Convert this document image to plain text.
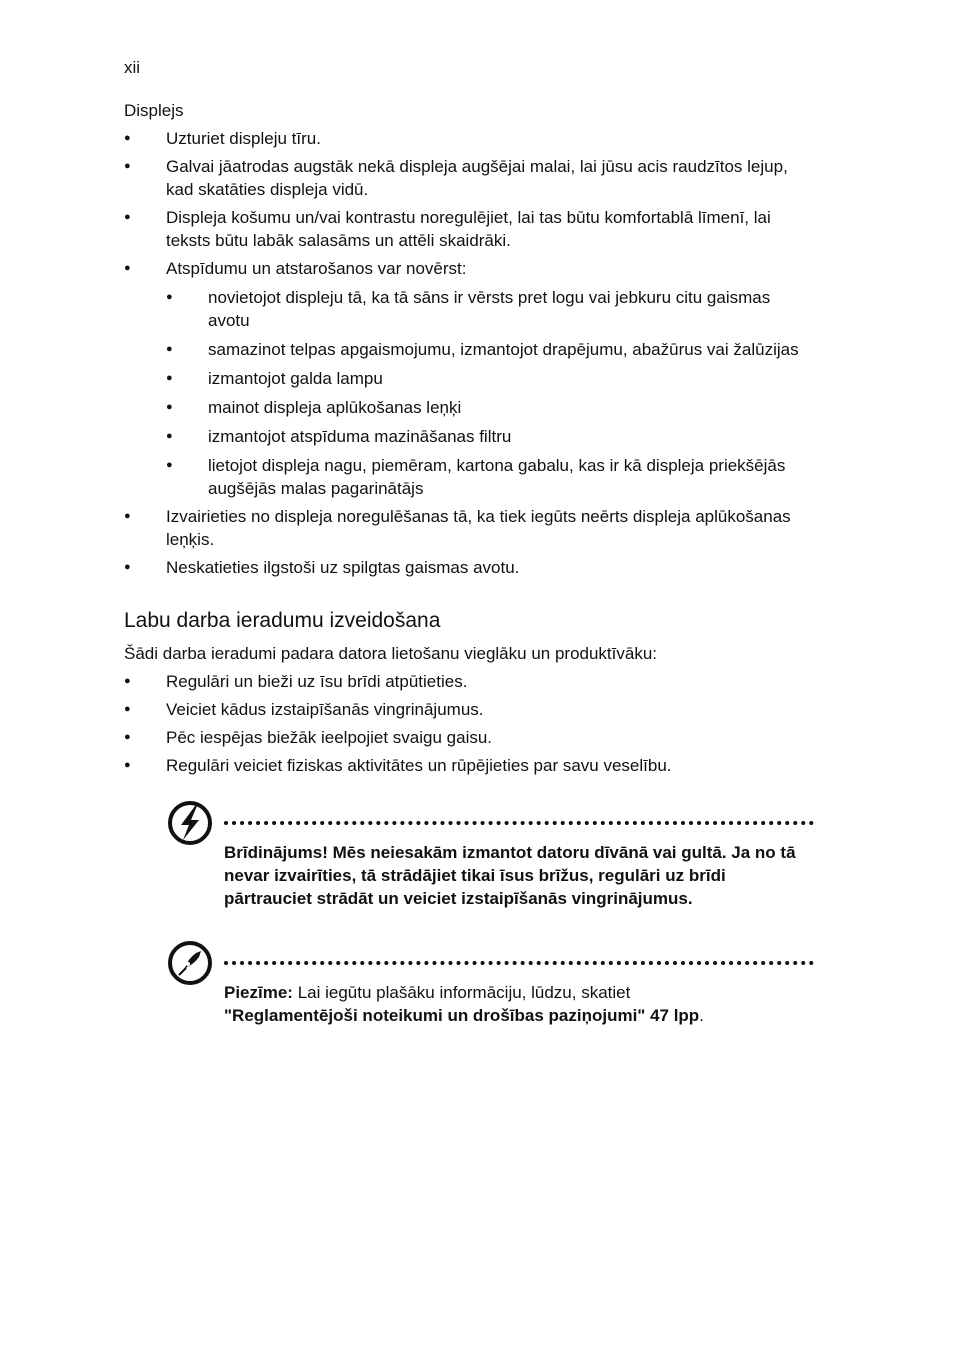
xii

Displejs

● Uzturiet displeju tīru.
● Galvai jāatrodas augstāk nekā displeja augšējai malai, lai jūsu acis raudzītos lejup, kad skatāties displeja vidū.
● Displeja košumu un/vai kontrastu noregulējiet, lai tas būtu komfortablā līmenī, lai teksts būtu labāk salasāms un attēli skaidrāki.
● Atspīdumu un atstarošanos var novērst:
● novietojot displeju tā, ka tā sāns ir vērsts pret logu vai jebkuru citu gaismas avotu
● samazinot telpas apgaismojumu, izmantojot drapējumu, abažūrus vai žalūzijas
● izmantojot galda lampu
● mainot displeja aplūkošanas leņķi
● izmantojot atspīduma mazināšanas filtru
● lietojot displeja nagu, piemēram, kartona gabalu, kas ir kā displeja priekšējās augšējās malas pagarinātājs
● Izvairieties no displeja noregulēšanas tā, ka tiek iegūts neērts displeja aplūkošanas leņķis.
● Neskatieties ilgstoši uz spilgtas gaismas avotu.
Labu darba ieradumu izveidošana

Šādi darba ieradumi padara datora lietošanu vieglāku un produktīvāku:

● Regulāri un bieži uz īsu brīdi atpūtieties.
● Veiciet kādus izstaipīšanās vingrinājumus.
● Pēc iespējas biežāk ieelpojiet svaigu gaisu.
● Regulāri veiciet fiziskas aktivitātes un rūpējieties par savu veselību.
Brīdinājums! Mēs neiesakām izmantot datoru dīvānā vai gultā. Ja no tā nevar izvairīties, tā strādājiet tikai īsus brīžus, regulāri uz brīdi pārtrauciet strādāt un veiciet izstaipīšanās vingrinājumus.
Piezīme: Lai iegūtu plašāku informāciju, lūdzu, skatiet
"Reglamentējoši noteikumi un drošības paziņojumi" 47 lpp.
